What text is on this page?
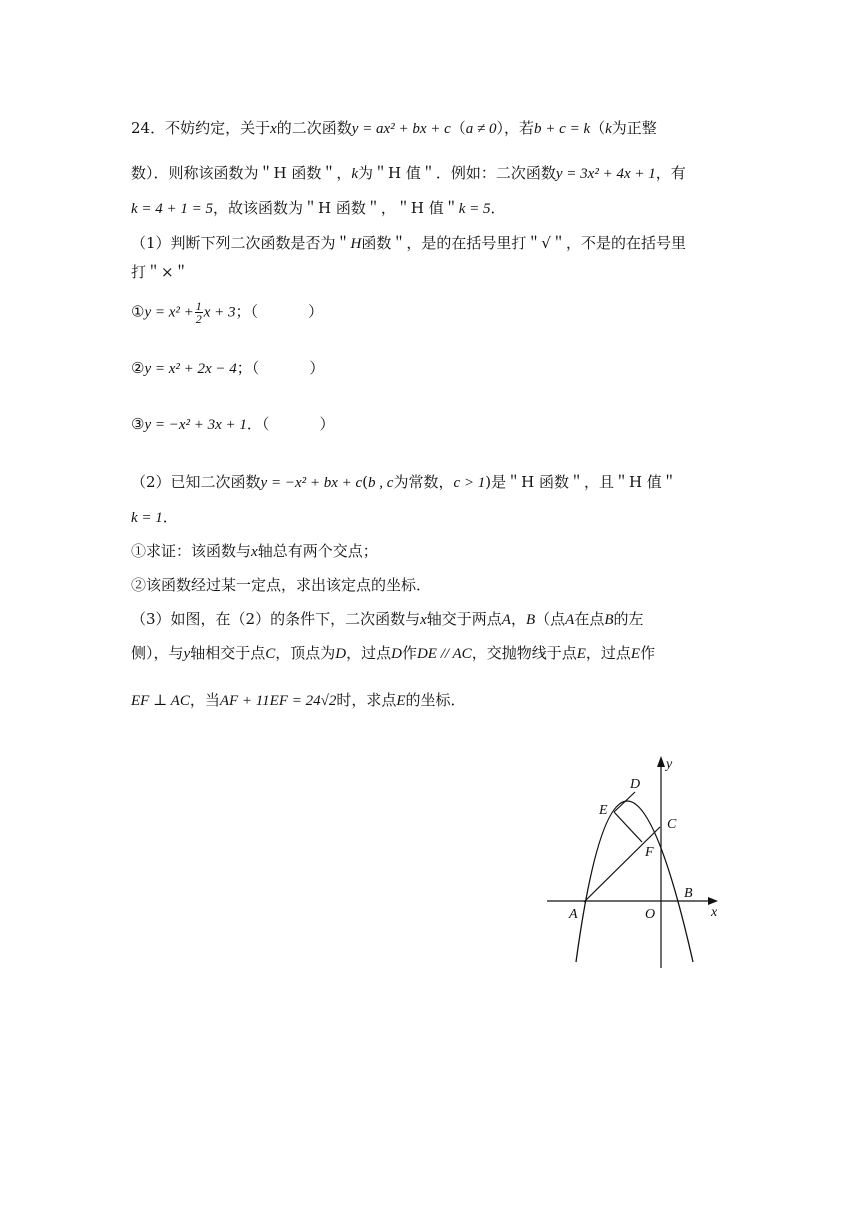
24．不妨约定，关于x的二次函数y = ax² + bx + c（a ≠ 0），若b + c = k（k为正整
数）．则称该函数为＂H 函数＂，k为＂H 值＂．例如：二次函数y = 3x² + 4x + 1，有
k = 4 + 1 = 5，故该函数为＂H 函数＂，＂H 值＂k = 5．
（1）判断下列二次函数是否为＂H函数＂，是的在括号里打＂√＂，不是的在括号里
打＂×＂
①y = $x^2 + \frac{1}{2}$ x + 3；（	）
②y = x² + 2x − 4；（	）
③y = −x² + 3x + 1．（	）
（2）已知二次函数y = −x² + bx + c(b , c为常数，c > 1)是＂H 函数＂，且＂H 值＂
k = 1．
①求证：该函数与x轴总有两个交点；
②该函数经过某一定点，求出该定点的坐标．
（3）如图，在（2）的条件下，二次函数与x轴交于两点A，B（点A在点B的左
侧），与y轴相交于点C，顶点为D，过点D作DE // AC，交抛物线于点E，过点E作
EF ⊥ AC，当AF + 11EF = 24√2时，求点E的坐标．
y
x
D
E
C
F
B
A	O
